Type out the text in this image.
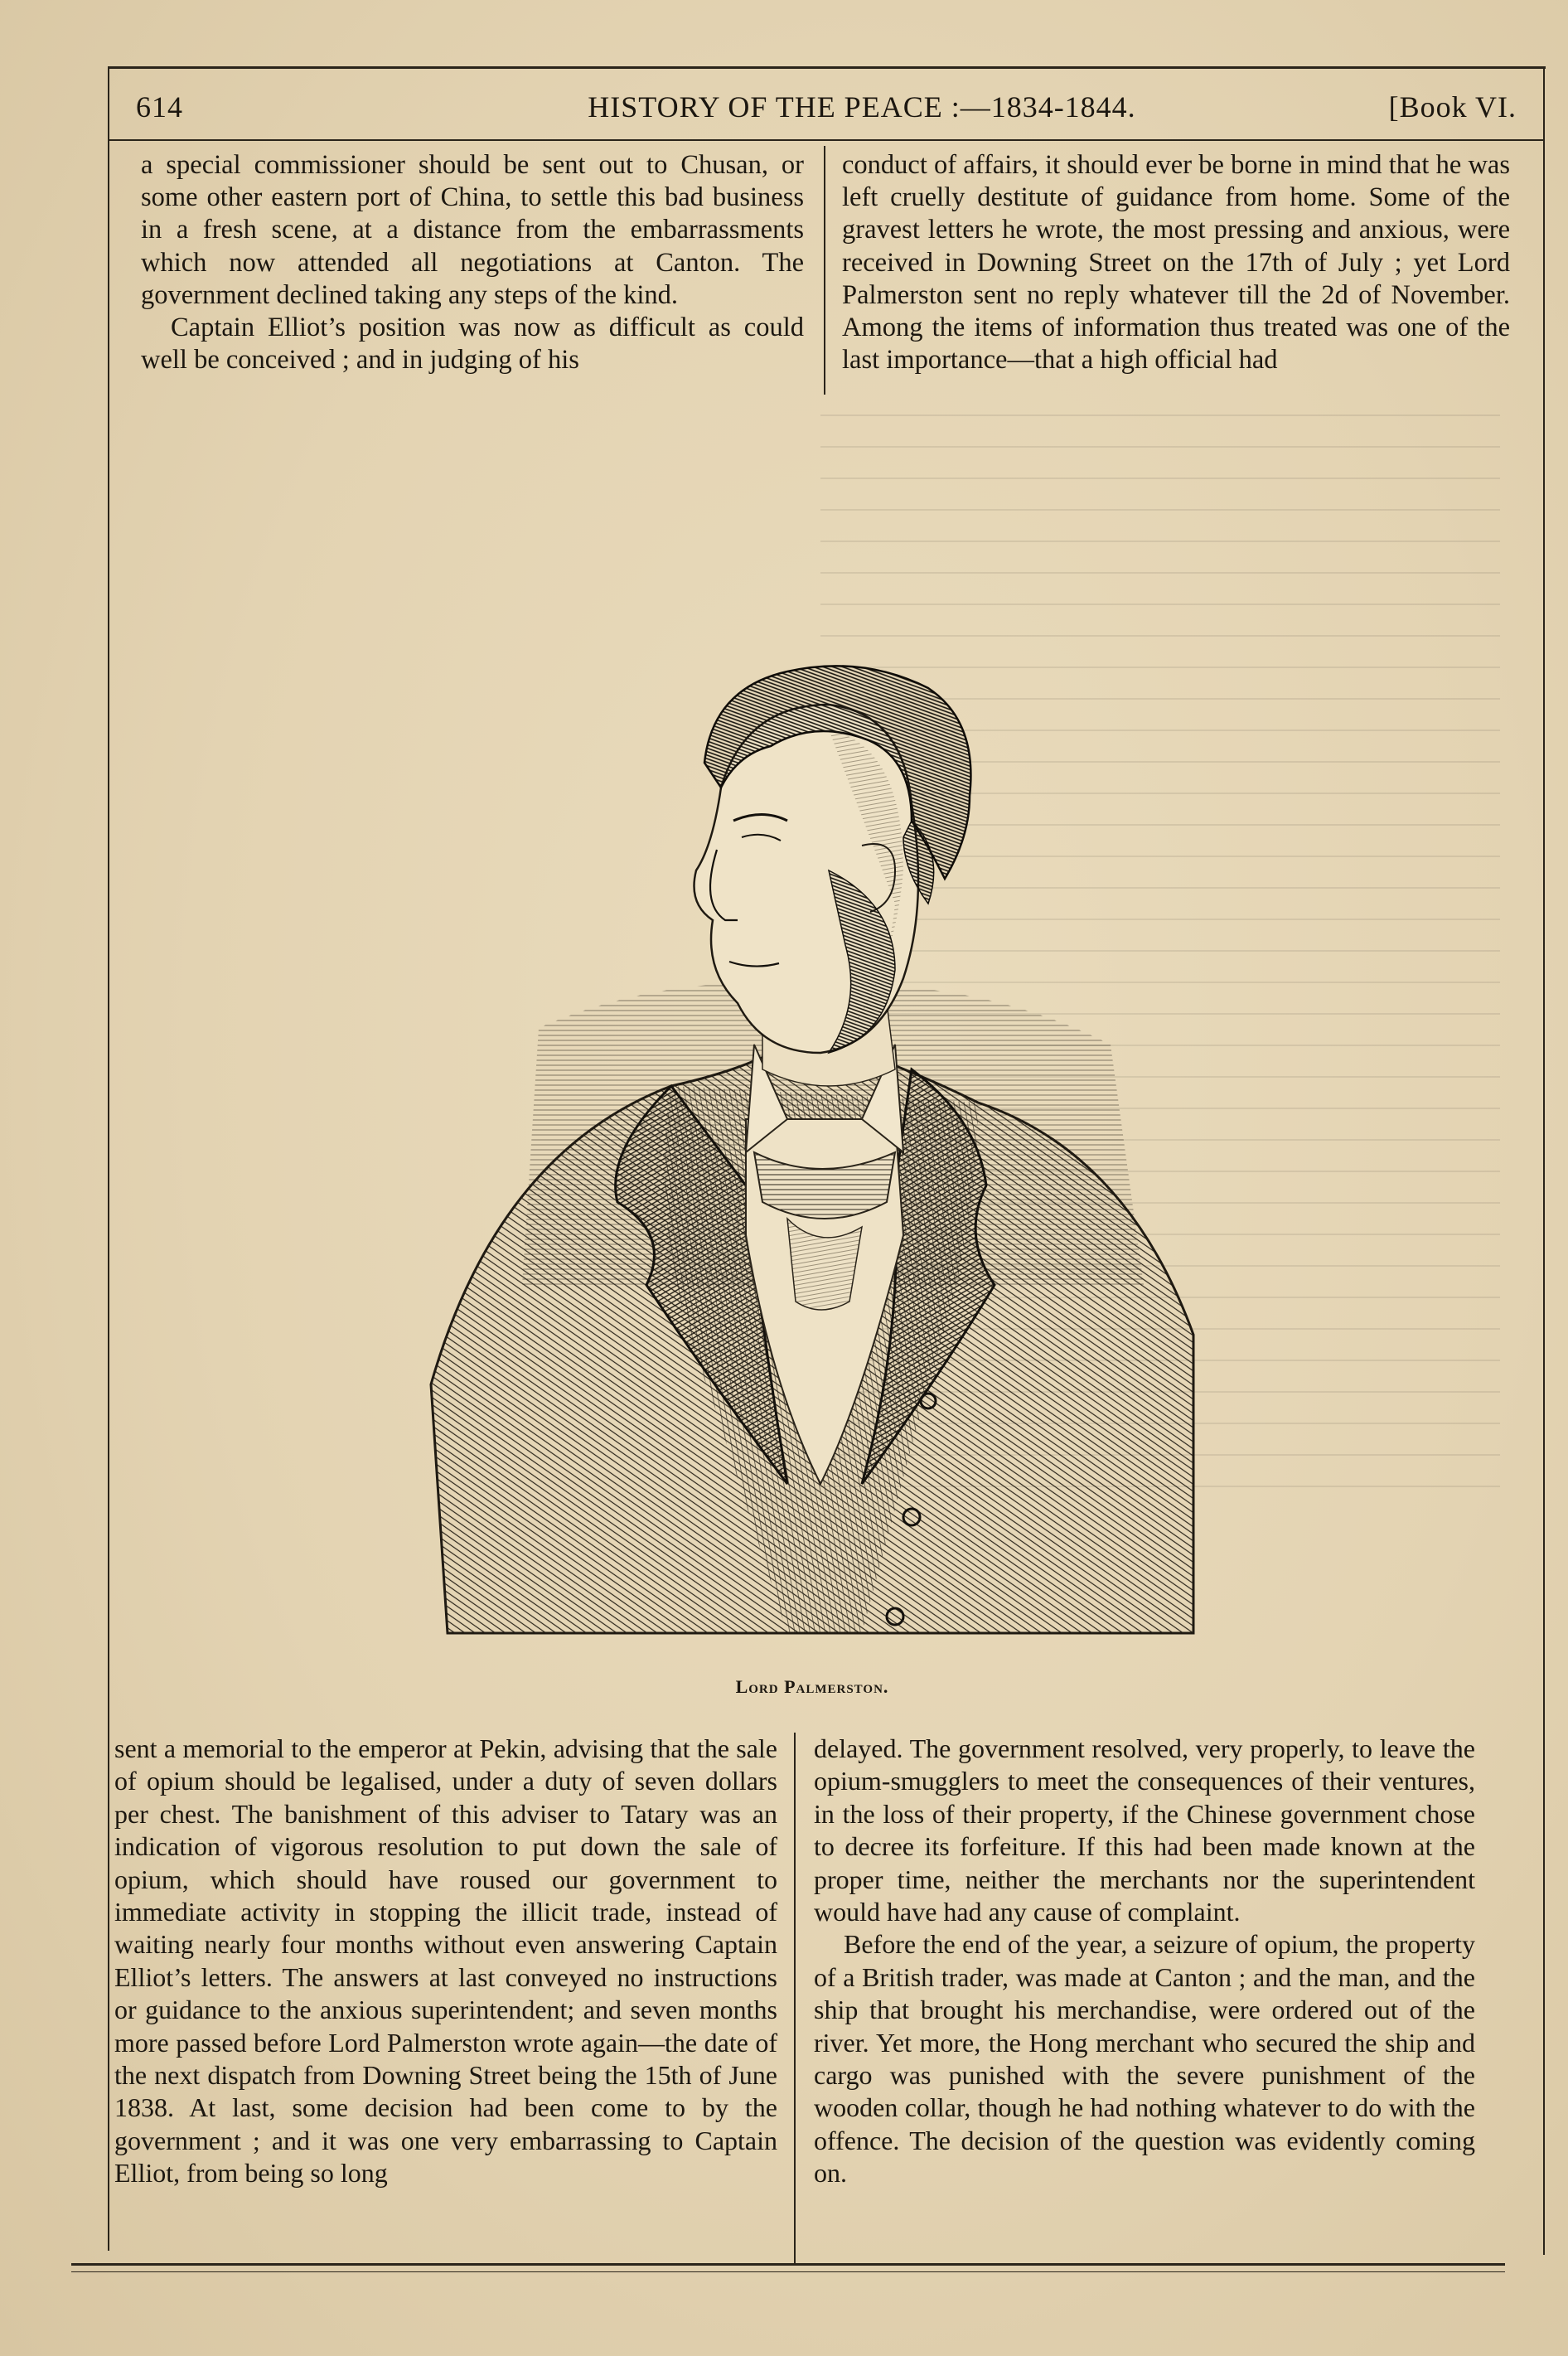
614	HISTORY OF THE PEACE :—1834-1844.	[Book VI.

a special commissioner should be sent out to Chusan, or some other eastern port of China, to settle this bad business in a fresh scene, at a distance from the embarrassments which now attended all negotiations at Canton. The government declined taking any steps of the kind.

Captain Elliot’s position was now as difficult as could well be conceived ; and in judging of his

conduct of affairs, it should ever be borne in mind that he was left cruelly destitute of guidance from home. Some of the gravest letters he wrote, the most pressing and anxious, were received in Downing Street on the 17th of July ; yet Lord Palmerston sent no reply whatever till the 2d of November. Among the items of information thus treated was one of the last importance—that a high official had

Lord Palmerston.

sent a memorial to the emperor at Pekin, advising that the sale of opium should be legalised, under a duty of seven dollars per chest. The banishment of this adviser to Tatary was an indication of vigorous resolution to put down the sale of opium, which should have roused our government to immediate activity in stopping the illicit trade, instead of waiting nearly four months without even answering Captain Elliot’s letters. The answers at last conveyed no instructions or guidance to the anxious superintendent; and seven months more passed before Lord Palmerston wrote again—the date of the next dispatch from Downing Street being the 15th of June 1838. At last, some decision had been come to by the government ; and it was one very embarrassing to Captain Elliot, from being so long

delayed. The government resolved, very properly, to leave the opium-smugglers to meet the consequences of their ventures, in the loss of their property, if the Chinese government chose to decree its forfeiture. If this had been made known at the proper time, neither the merchants nor the superintendent would have had any cause of complaint.

Before the end of the year, a seizure of opium, the property of a British trader, was made at Canton ; and the man, and the ship that brought his merchandise, were ordered out of the river. Yet more, the Hong merchant who secured the ship and cargo was punished with the severe punishment of the wooden collar, though he had nothing whatever to do with the offence. The decision of the question was evidently coming on.
